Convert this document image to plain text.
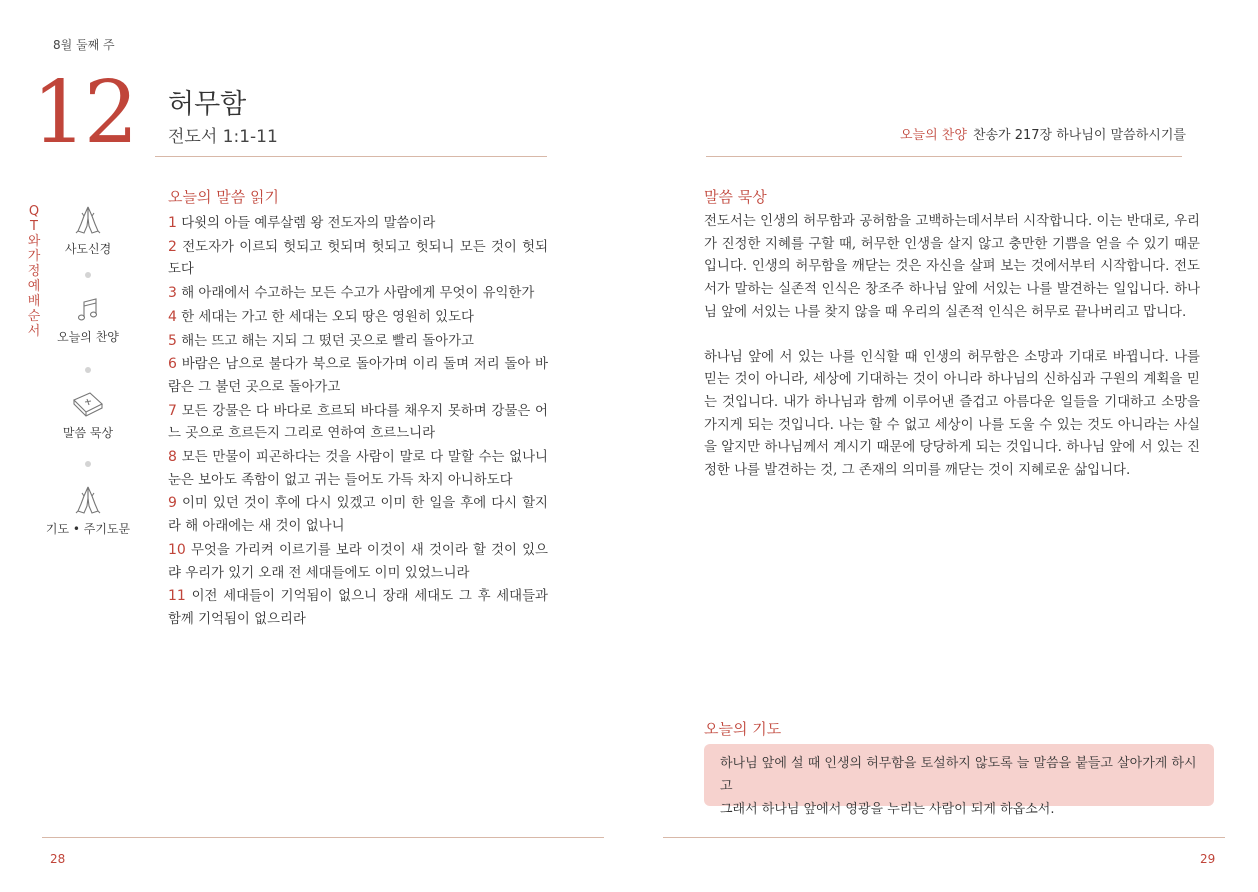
8월 둘째 주
12 허무함
전도서 1:1-11
QT와 가정예배 순서
사도신경
오늘의 찬양
말씀 묵상
기도 • 주기도문
오늘의 말씀 읽기
1 다윗의 아들 예루살렘 왕 전도자의 말씀이라
2 전도자가 이르되 헛되고 헛되며 헛되고 헛되니 모든 것이 헛되도다
3 해 아래에서 수고하는 모든 수고가 사람에게 무엇이 유익한가
4 한 세대는 가고 한 세대는 오되 땅은 영원히 있도다
5 해는 뜨고 해는 지되 그 떴던 곳으로 빨리 돌아가고
6 바람은 남으로 불다가 북으로 돌아가며 이리 돌며 저리 돌아 바람은 그 불던 곳으로 돌아가고
7 모든 강물은 다 바다로 흐르되 바다를 채우지 못하며 강물은 어느 곳으로 흐르든지 그리로 연하여 흐르느니라
8 모든 만물이 피곤하다는 것을 사람이 말로 다 말할 수는 없나니 눈은 보아도 족함이 없고 귀는 들어도 가득 차지 아니하도다
9 이미 있던 것이 후에 다시 있겠고 이미 한 일을 후에 다시 할지라 해 아래에는 새 것이 없나니
10 무엇을 가리켜 이르기를 보라 이것이 새 것이라 할 것이 있으랴 우리가 있기 오래 전 세대들에도 이미 있었느니라
11 이전 세대들이 기억됨이 없으니 장래 세대도 그 후 세대들과 함께 기억됨이 없으리라
28
오늘의 찬양 찬송가 217장 하나님이 말씀하시기를
말씀 묵상

전도서는 인생의 허무함과 공허함을 고백하는데서부터 시작합니다. 이는 반대로, 우리가 진정한 지혜를 구할 때, 허무한 인생을 살지 않고 충만한 기쁨을 얻을 수 있기 때문입니다. 인생의 허무함을 깨닫는 것은 자신을 살펴 보는 것에서부터 시작합니다. 전도서가 말하는 실존적 인식은 창조주 하나님 앞에 서있는 나를 발견하는 일입니다. 하나님 앞에 서있는 나를 찾지 않을 때 우리의 실존적 인식은 허무로 끝나버리고 맙니다.

하나님 앞에 서 있는 나를 인식할 때 인생의 허무함은 소망과 기대로 바뀝니다. 나를 믿는 것이 아니라, 세상에 기대하는 것이 아니라 하나님의 신하심과 구원의 계획을 믿는 것입니다. 내가 하나님과 함께 이루어낸 즐겁고 아름다운 일들을 기대하고 소망을 가지게 되는 것입니다. 나는 할 수 없고 세상이 나를 도울 수 있는 것도 아니라는 사실을 알지만 하나님께서 계시기 때문에 당당하게 되는 것입니다. 하나님 앞에 서 있는 진정한 나를 발견하는 것, 그 존재의 의미를 깨닫는 것이 지혜로운 삶입니다.

오늘의 기도
하나님 앞에 설 때 인생의 허무함을 토설하지 않도록 늘 말씀을 붙들고 살아가게 하시고
그래서 하나님 앞에서 영광을 누리는 사람이 되게 하옵소서.
29
